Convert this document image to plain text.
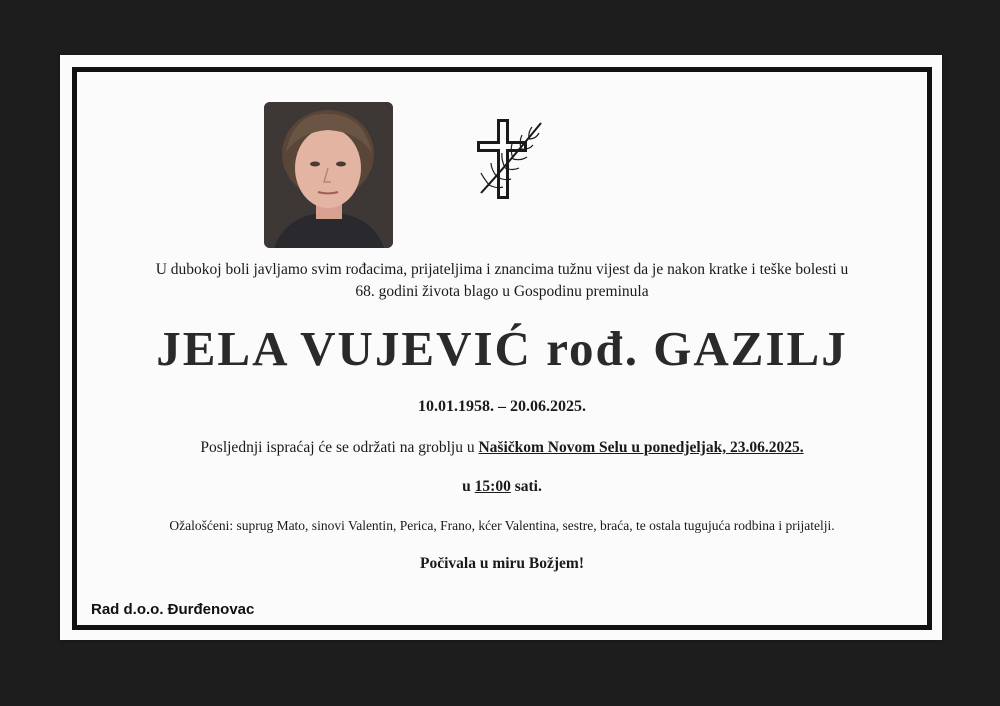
U dubokoj boli javljamo svim rođacima, prijateljima i znancima tužnu vijest da je nakon kratke i teške bolesti u
68. godini života blago u Gospodinu preminula
JELA VUJEVIĆ rođ. GAZILJ
10.01.1958. – 20.06.2025.
Posljednji ispraćaj će se održati na groblju u Našičkom Novom Selu u ponedjeljak, 23.06.2025.
u 15:00 sati.
Ožalošćeni: suprug Mato, sinovi Valentin, Perica, Frano, kćer Valentina, sestre, braća, te ostala tugujuća rodbina i prijatelji.
Počivala u miru Božjem!
Rad d.o.o. Đurđenovac
